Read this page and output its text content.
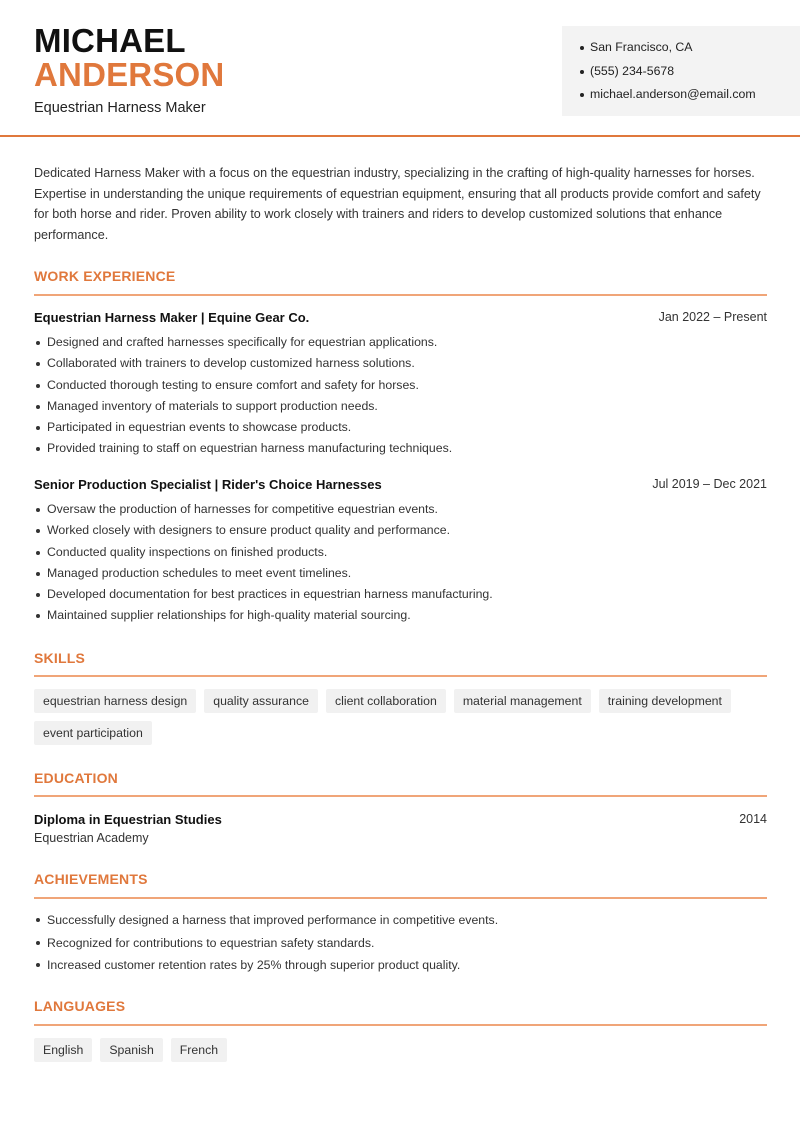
MICHAEL
ANDERSON
Equestrian Harness Maker
San Francisco, CA
(555) 234-5678
michael.anderson@email.com

Dedicated Harness Maker with a focus on the equestrian industry, specializing in the crafting of high-quality harnesses for horses. Expertise in understanding the unique requirements of equestrian equipment, ensuring that all products provide comfort and safety for both horse and rider. Proven ability to work closely with trainers and riders to develop customized solutions that enhance performance.

WORK EXPERIENCE
Equestrian Harness Maker | Equine Gear Co.	Jan 2022 – Present
Designed and crafted harnesses specifically for equestrian applications.
Collaborated with trainers to develop customized harness solutions.
Conducted thorough testing to ensure comfort and safety for horses.
Managed inventory of materials to support production needs.
Participated in equestrian events to showcase products.
Provided training to staff on equestrian harness manufacturing techniques.
Senior Production Specialist | Rider's Choice Harnesses	Jul 2019 – Dec 2021
Oversaw the production of harnesses for competitive equestrian events.
Worked closely with designers to ensure product quality and performance.
Conducted quality inspections on finished products.
Managed production schedules to meet event timelines.
Developed documentation for best practices in equestrian harness manufacturing.
Maintained supplier relationships for high-quality material sourcing.
SKILLS
equestrian harness design	quality assurance	client collaboration	material management	training development
event participation
EDUCATION
Diploma in Equestrian Studies	2014
Equestrian Academy
ACHIEVEMENTS
Successfully designed a harness that improved performance in competitive events.
Recognized for contributions to equestrian safety standards.
Increased customer retention rates by 25% through superior product quality.
LANGUAGES
English	Spanish	French
